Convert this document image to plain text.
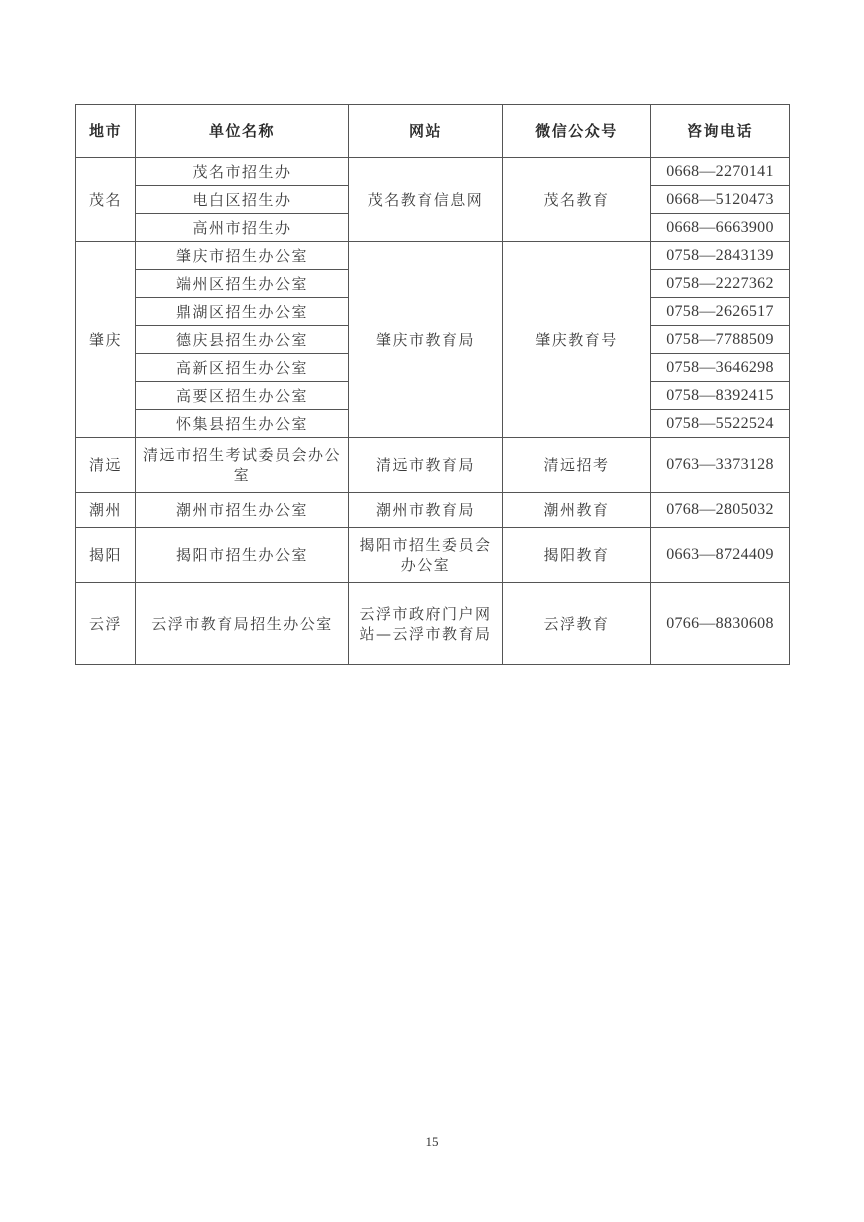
地市	单位名称	网站	微信公众号	咨询电话
茂名	茂名市招生办	茂名教育信息网	茂名教育	0668—2270141
	电白区招生办			0668—5120473
	高州市招生办			0668—6663900
肇庆	肇庆市招生办公室	肇庆市教育局	肇庆教育号	0758—2843139
	端州区招生办公室			0758—2227362
	鼎湖区招生办公室			0758—2626517
	德庆县招生办公室			0758—7788509
	高新区招生办公室			0758—3646298
	高要区招生办公室			0758—8392415
	怀集县招生办公室			0758—5522524
清远	清远市招生考试委员会办公室	清远市教育局	清远招考	0763—3373128
潮州	潮州市招生办公室	潮州市教育局	潮州教育	0768—2805032
揭阳	揭阳市招生办公室	揭阳市招生委员会办公室	揭阳教育	0663—8724409
云浮	云浮市教育局招生办公室	云浮市政府门户网站—云浮市教育局	云浮教育	0766—8830608
15
